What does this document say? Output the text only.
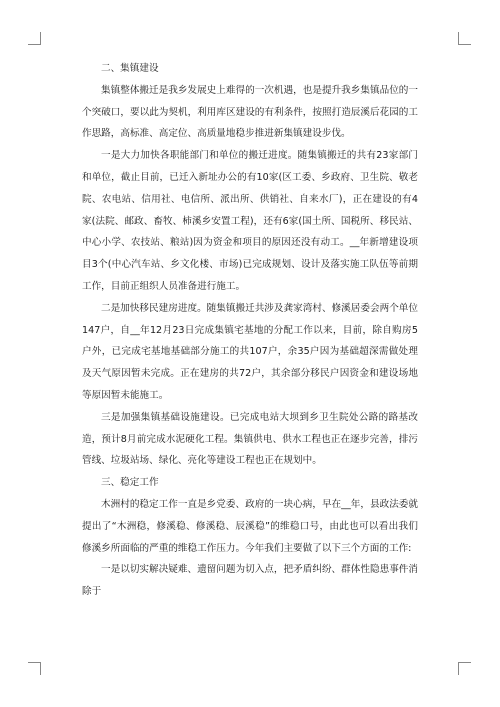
二、集镇建设

集镇整体搬迁是我乡发展史上难得的一次机遇，也是提升我乡集镇品位的一个突破口，要以此为契机，利用库区建设的有利条件，按照打造辰溪后花园的工作思路，高标准、高定位、高质量地稳步推进新集镇建设步伐。

一是大力加快各职能部门和单位的搬迁进度。随集镇搬迁的共有23家部门和单位，截止目前，已迁入新址办公的有10家(区工委、乡政府、卫生院、敬老院、农电站、信用社、电信所、派出所、供销社、自来水厂)，正在建设的有4家(法院、邮政、畜牧、柿溪乡安置工程)，还有6家(国土所、国税所、移民站、中心小学、农技站、粮站)因为资金和项目的原因还没有动工。__年新增建设项目3个(中心汽车站、乡文化楼、市场)已完成规划、设计及落实施工队伍等前期工作，目前正组织人员准备进行施工。

二是加快移民建房进度。随集镇搬迁共涉及龚家湾村、修溪居委会两个单位147户，自__年12月23日完成集镇宅基地的分配工作以来，目前，除自购房5户外，已完成宅基地基础部分施工的共107户，余35户因为基础超深需做处理及天气原因暂未完成。正在建房的共72户，其余部分移民户因资金和建设场地等原因暂未能施工。

三是加强集镇基础设施建设。已完成电站大坝到乡卫生院处公路的路基改造，预计8月前完成水泥硬化工程。集镇供电、供水工程也正在逐步完善，排污管线、垃圾站场、绿化、亮化等建设工程也正在规划中。

三、稳定工作

木洲村的稳定工作一直是乡党委、政府的一块心病，早在__年，县政法委就提出了“木洲稳，修溪稳、修溪稳、辰溪稳”的维稳口号，由此也可以看出我们修溪乡所面临的严重的维稳工作压力。今年我们主要做了以下三个方面的工作:

一是以切实解决疑难、遗留问题为切入点，把矛盾纠纷、群体性隐患事件消除于
